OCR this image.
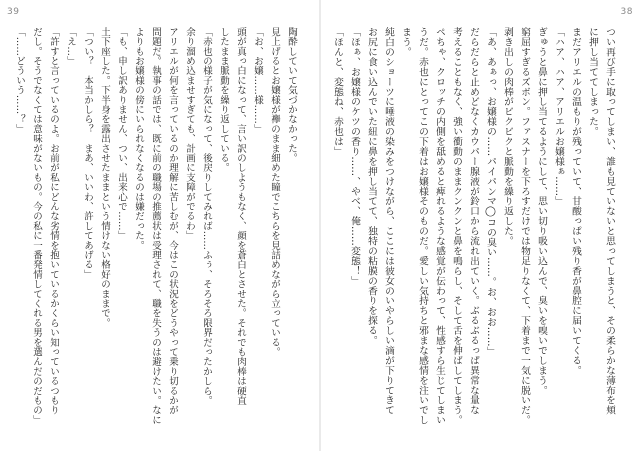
39
陶酔していて気づかなかった。
見上げるとお嬢様が襷のまま細めた瞳でこちらを見詰めながら立っている。
「お、お嬢……様……」
頭が真っ白になって、言い訳のしようもなく、顔を蒼白とさせた。それでも肉棒は硬直
したまま脈動を繰り返している。
「赤也の様子が気になって、後戻りしてみれば……ふぅ、そろそろ限界だったかしら。
余り溜め込ませすぎても、計画に支障がでるわ」
アリエルが何を言っているのか理解に苦しむが、今はこの状況をどうやって乗り切るかが
問題だ。執事の話では、既に前の職場の推薦状は受理されて、職を失うのは避けたい。なに
よりもお嬢様の傍にいられなくなるのは嫌だった。
「も、申し訳ありません、つい、出来心で……」
土下座した。下半身を露出させたままという情けない格好のままで。
「つい？　本当かしら？　まあ、いいわ、許してあげる」
「え…」
「許すと言っているのよ。お前が私にどんな劣情を抱いているかくらい知っているつもり
だし。そうでなくては意味がないもの。今の私に一番発情してくれる男を選んだのだもの」
「……どういう……？」
38
つい再び手に取ってしまい、誰も見ていないと思ってしまうと、その柔らかな薄布を頬
に押し当ててしまった。
まだアリエルの温もりが残っていて、甘酸っぱい残り香が鼻腔に届いてくる。
「ハア、ハア、アリエルお嬢様ぁ……」
ぎゅうと鼻に押し当てるようにして、思い切り吸い込んで、臭いを嗅いでしまう。
窮屈すぎるズボン。ファスナーを下ろすだけでは物足りなくて、下着まで一気に脱いだ。
剥き出しの肉棒がビクビクと脈動を繰り返した。
「あ、あぁっ、お嬢様の……パイパンマ◯コの臭い……。お、おお……」
だらだらと止めどなくカウパー腺液が鈴口から流れ出ていく。ぶるぶるっぱ異常な量な
考えることもなく、強い衝動のままクンクンと鼻を鳴らし、そして舌を伸ばしてしまう。
ペちゃ、クロッチの内側を舐めると痺れるような感覚が伝わって、性感すら生じてしまい
うだ。赤也にとってこの下着はお嬢様そのものだ。愛しい気持ちと邪まな感情を注いでし
まう。
純白のショーツに唾液の染みをつけながら、ここには彼女のいやらしい滴が下りてきて
お尻に食い込んでいた紐に鼻を押し当てて、独特の粘膜の香りを探る。
「ほぁ、お嬢様のケツの香り……、やべ、俺……変態！」
「ほんと、変態ね、赤也は」
